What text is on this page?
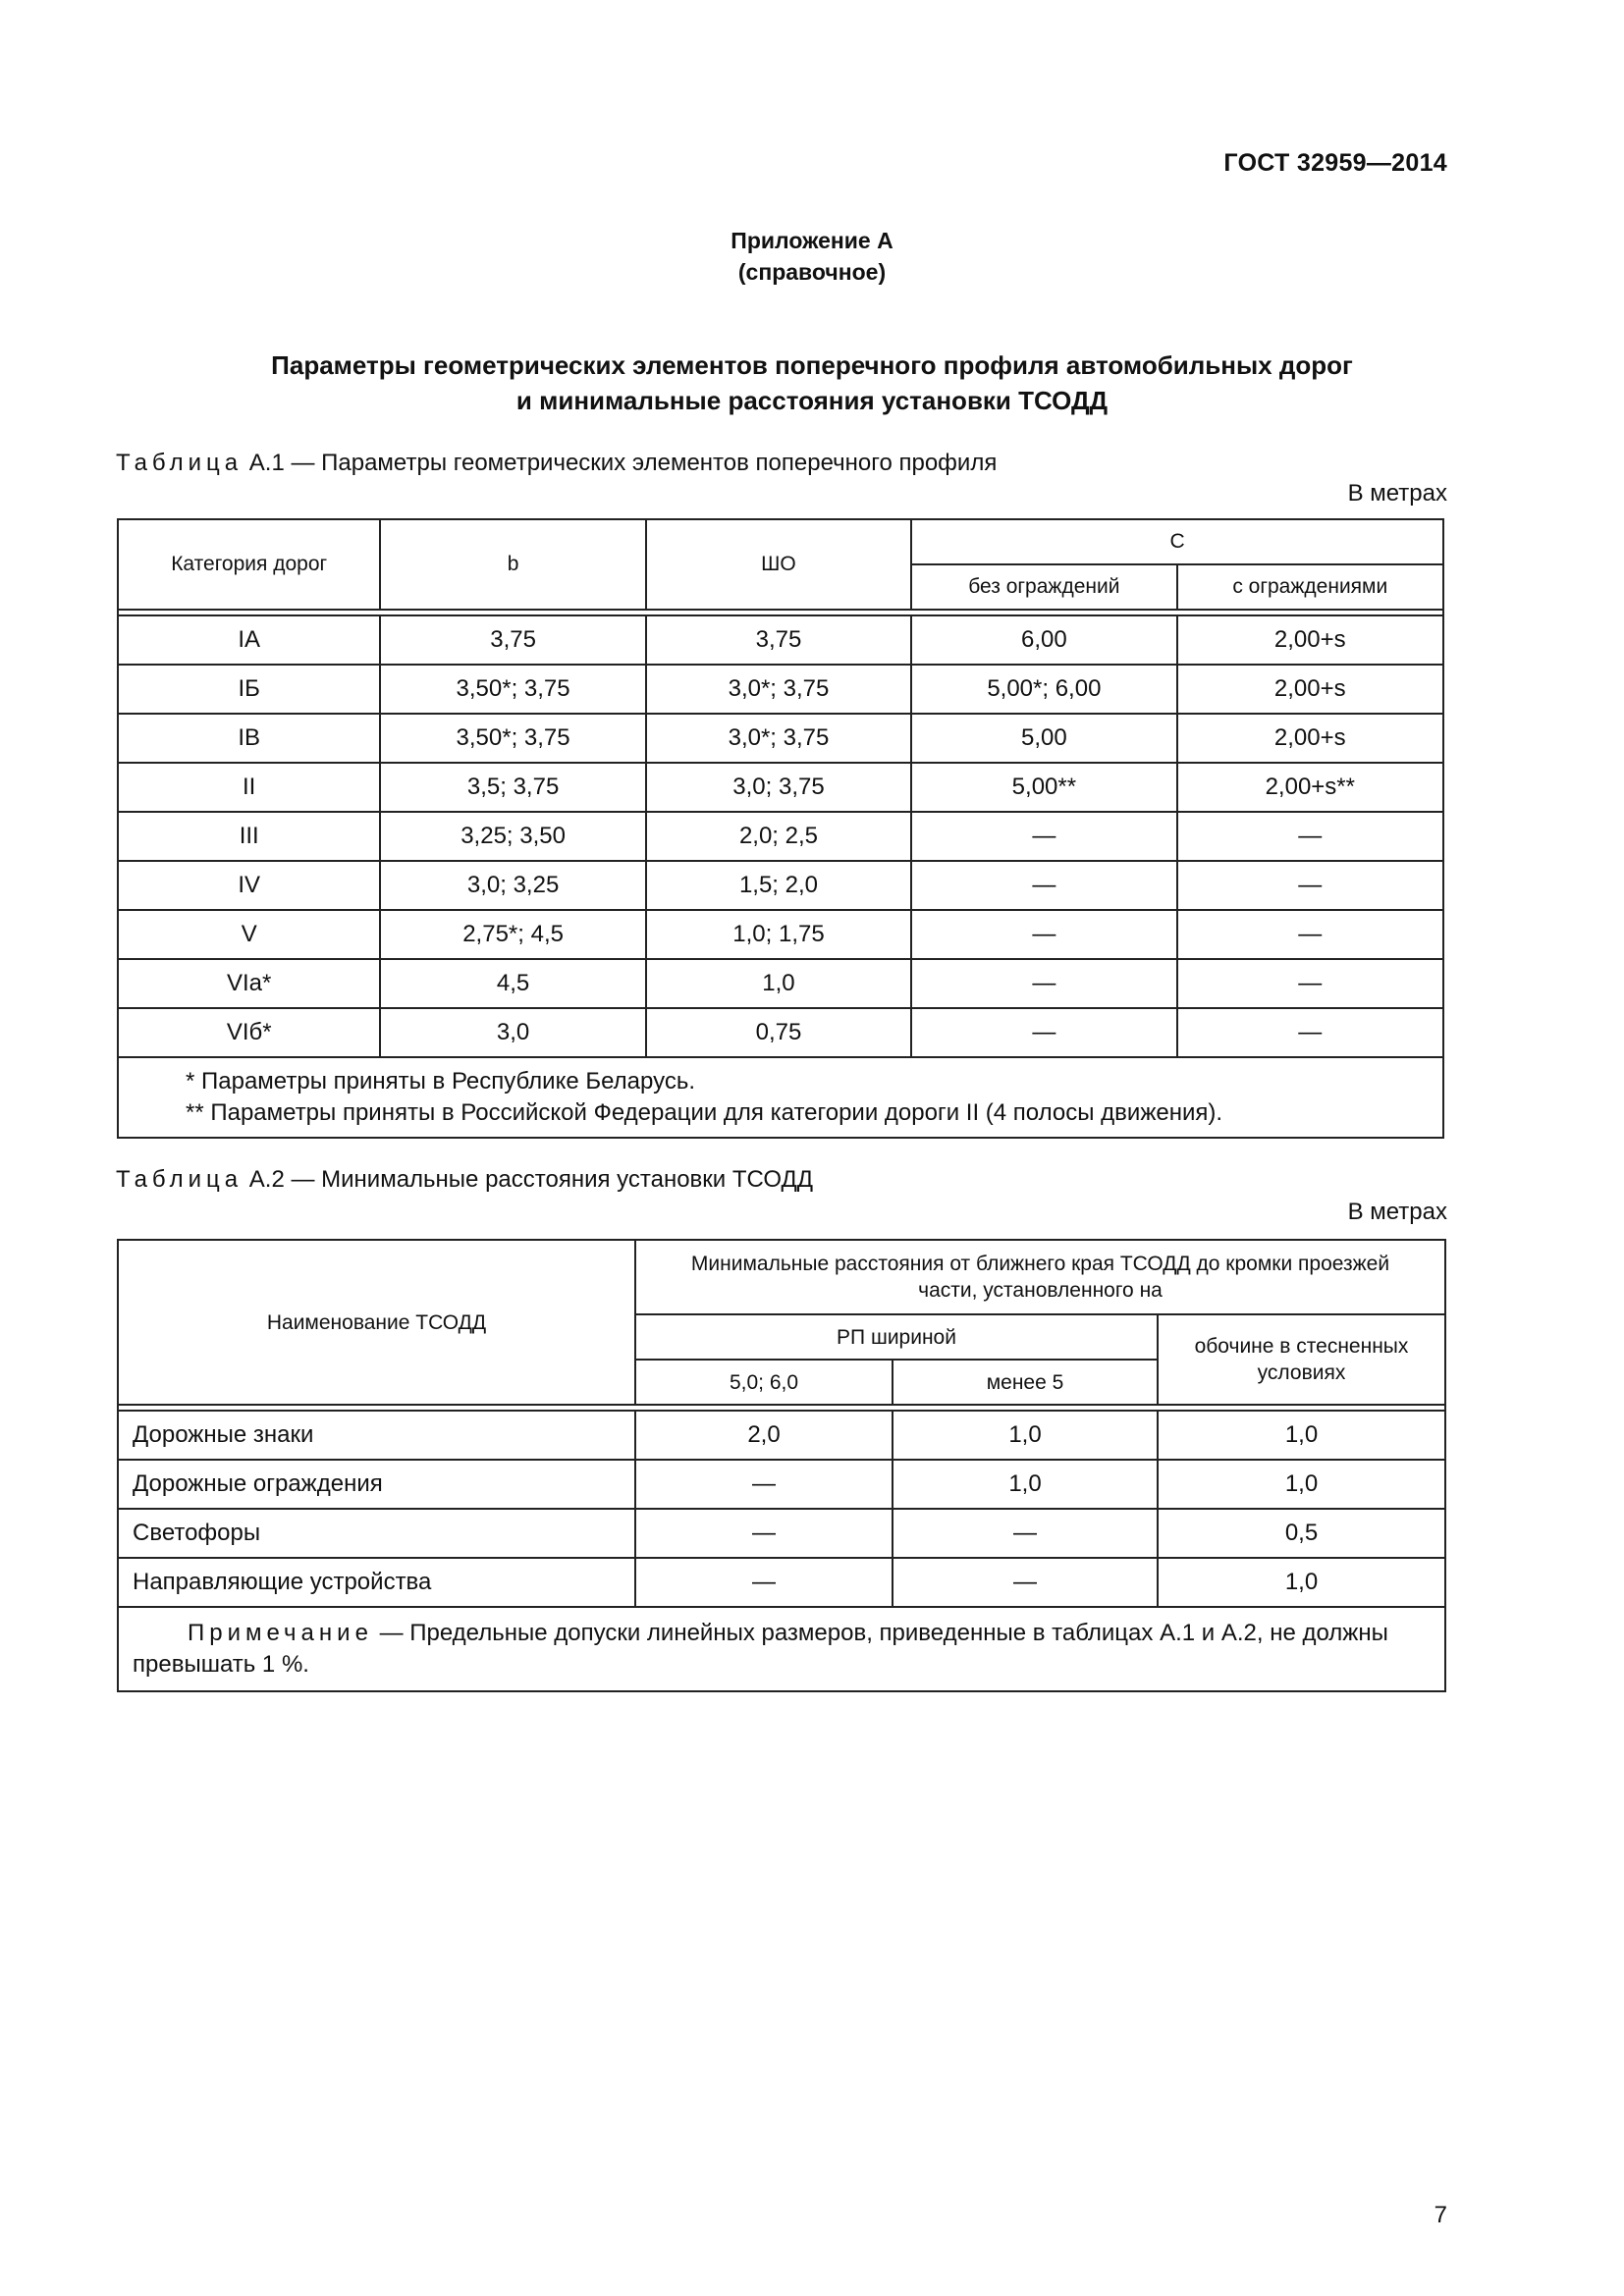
ГОСТ 32959—2014
Приложение А
(справочное)
Параметры геометрических элементов поперечного профиля автомобильных дорог
и минимальные расстояния установки ТСОДД
Таблица А.1 — Параметры геометрических элементов поперечного профиля
В метрах
Категория дорог	b	ШО	C	
			без ограждений	с ограждениями

IА	3,75	3,75	6,00	2,00+s
IБ	3,50*; 3,75	3,0*; 3,75	5,00*; 6,00	2,00+s
IВ	3,50*; 3,75	3,0*; 3,75	5,00	2,00+s
II	3,5; 3,75	3,0; 3,75	5,00**	2,00+s**
III	3,25; 3,50	2,0; 2,5	—	—
IV	3,0; 3,25	1,5; 2,0	—	—
V	2,75*; 4,5	1,0; 1,75	—	—
VIа*	4,5	1,0	—	—
VIб*	3,0	0,75	—	—

* Параметры приняты в Республике Беларусь.
** Параметры приняты в Российской Федерации для категории дороги II (4 полосы движения).				
Таблица А.2 — Минимальные расстояния установки ТСОДД
В метрах
Наименование ТСОДД	Минимальные расстояния от ближнего края ТСОДД до кромки проезжей части, установленного на		
	РП шириной		обочине в стесненных условиях
	5,0; 6,0	менее 5	

Дорожные знаки	2,0	1,0	1,0
Дорожные ограждения	—	1,0	1,0
Светофоры	—	—	0,5
Направляющие устройства	—	—	1,0
Примечание — Предельные допуски линейных размеров, приведенные в таблицах А.1 и А.2, не должны превышать 1 %.			
7
